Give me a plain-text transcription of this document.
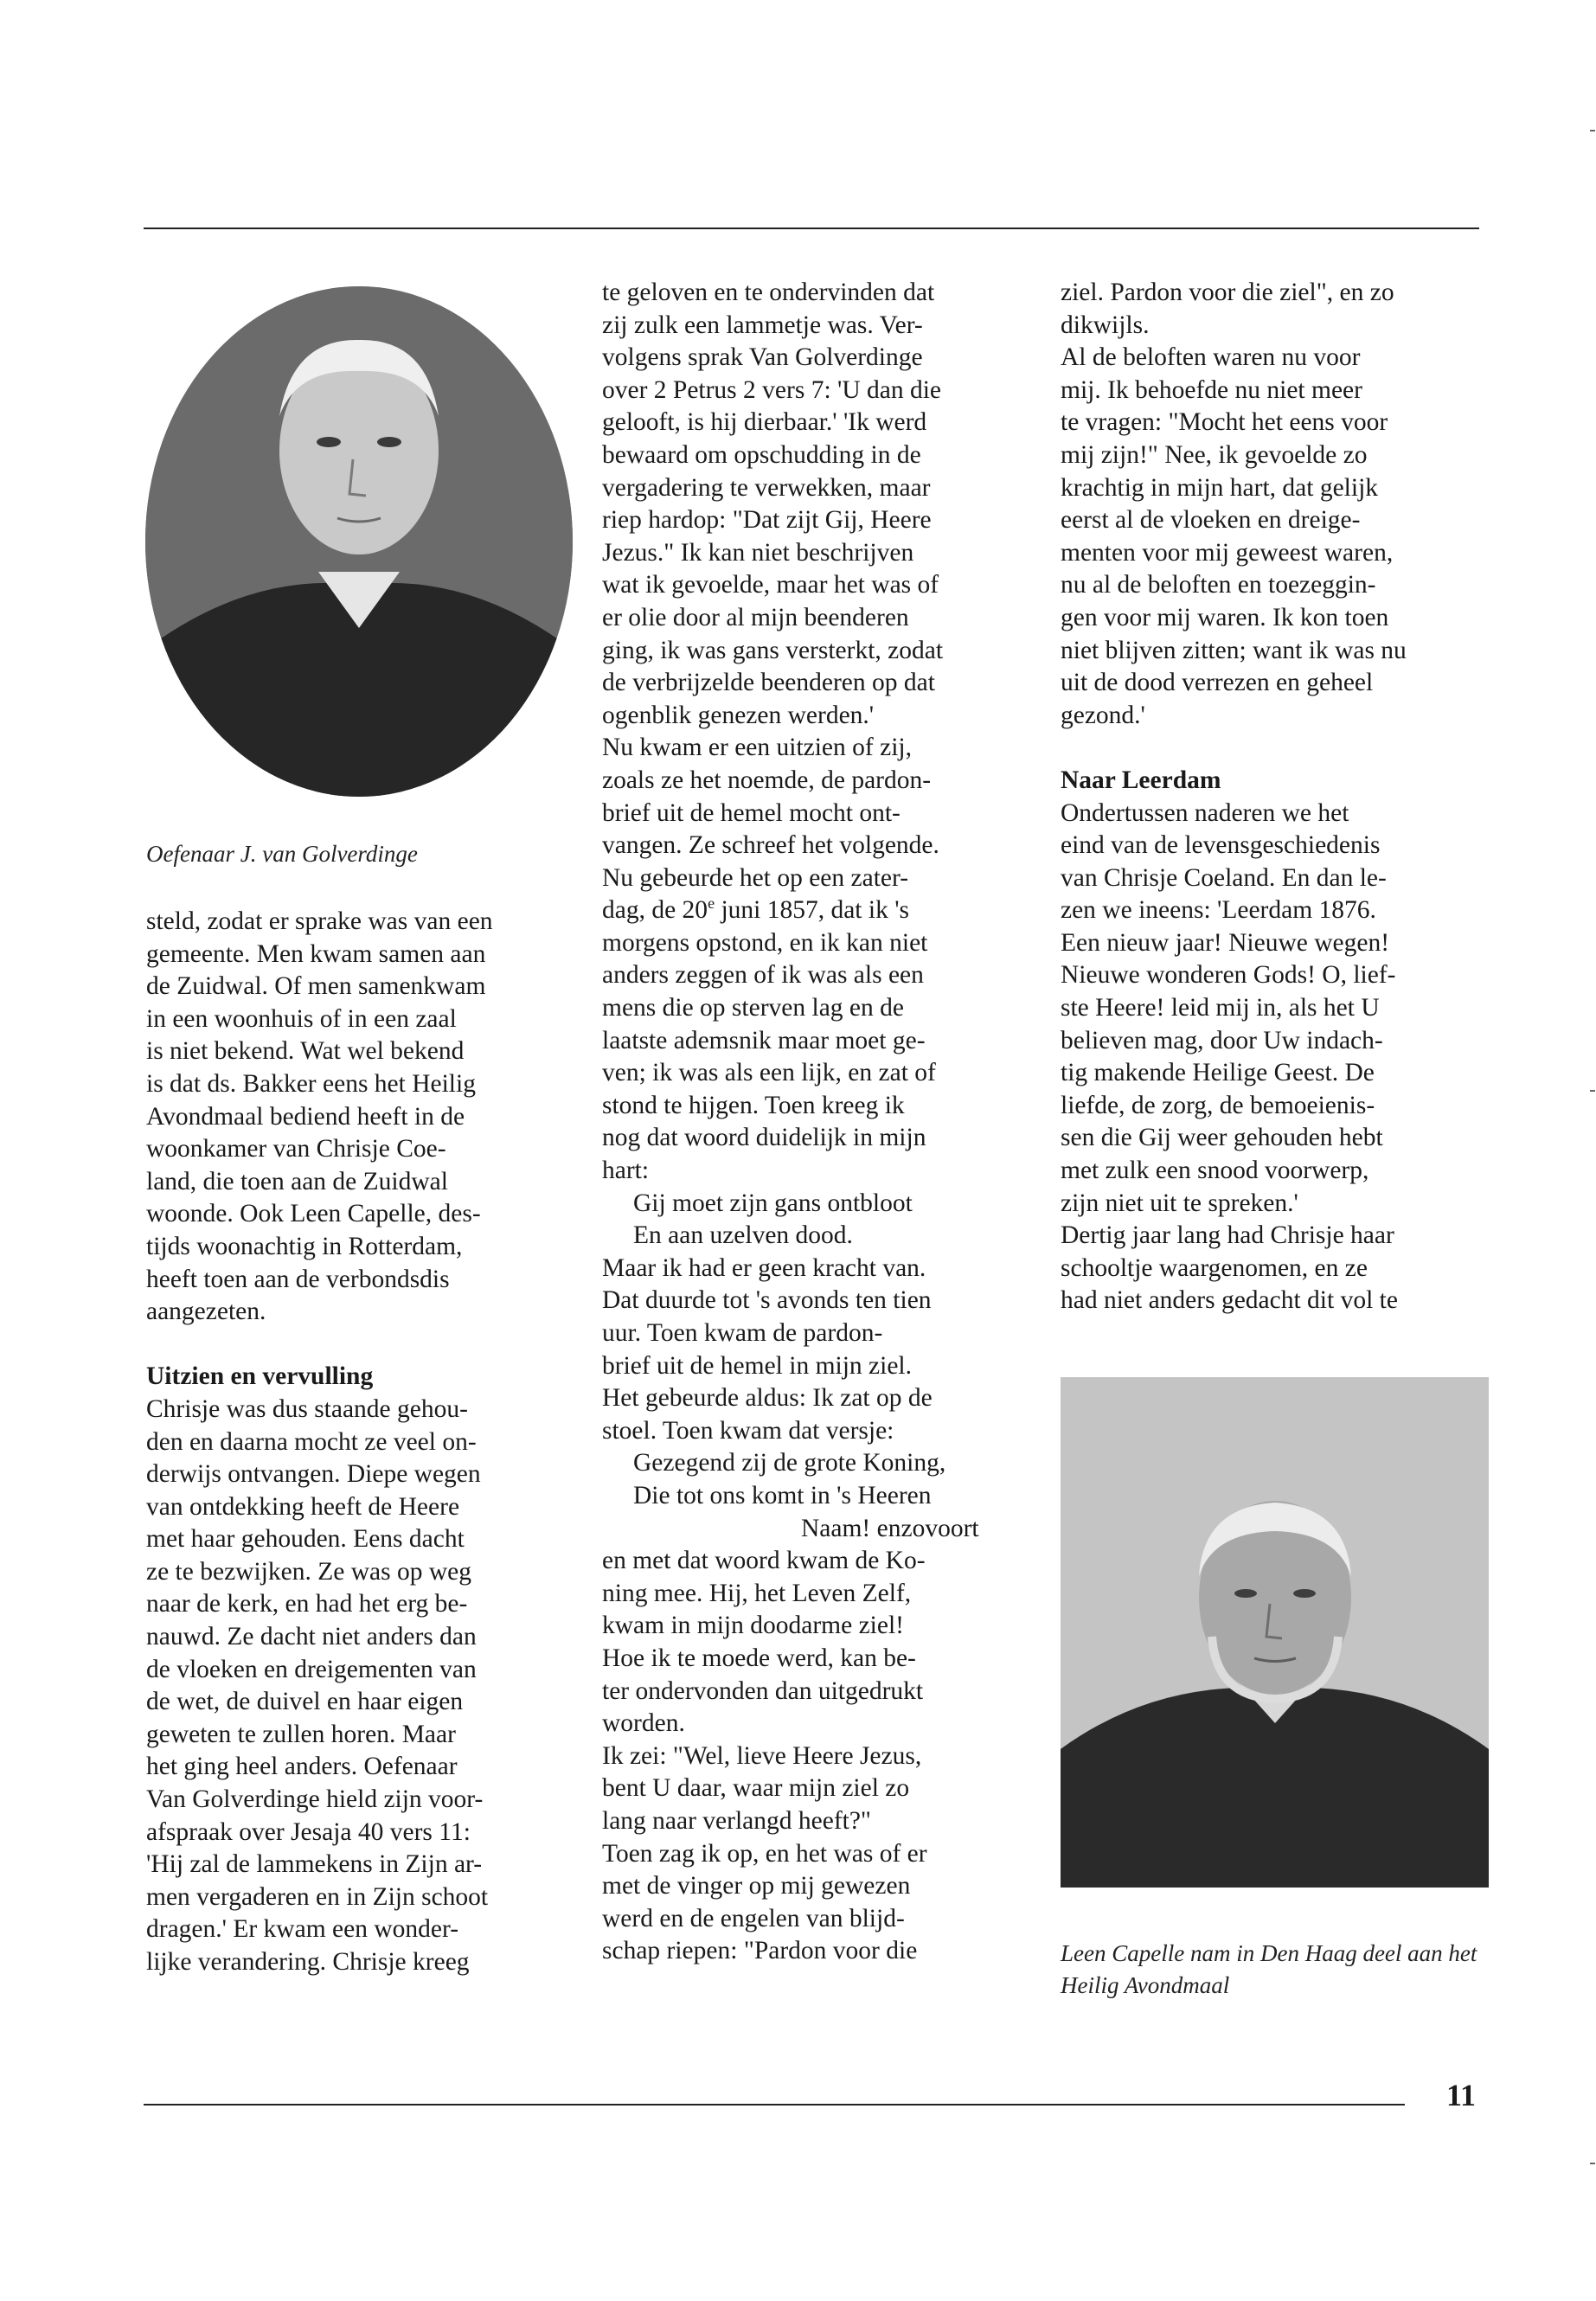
Oefenaar J. van Golverdinge

steld, zodat er sprake was van een

gemeente. Men kwam samen aan

de Zuidwal. Of men samenkwam

in een woonhuis of in een zaal

is niet bekend. Wat wel bekend

is dat ds. Bakker eens het Heilig

Avondmaal bediend heeft in de

woonkamer van Chrisje Coe-

land, die toen aan de Zuidwal

woonde. Ook Leen Capelle, des-

tijds woonachtig in Rotterdam,

heeft toen aan de verbondsdis

aangezeten.

Uitzien en vervulling

Chrisje was dus staande gehou-

den en daarna mocht ze veel on-

derwijs ontvangen. Diepe wegen

van ontdekking heeft de Heere

met haar gehouden. Eens dacht

ze te bezwijken. Ze was op weg

naar de kerk, en had het erg be-

nauwd. Ze dacht niet anders dan

de vloeken en dreigementen van

de wet, de duivel en haar eigen

geweten te zullen horen. Maar

het ging heel anders. Oefenaar

Van Golverdinge hield zijn voor-

afspraak over Jesaja 40 vers 11:

'Hij zal de lammekens in Zijn ar-

men vergaderen en in Zijn schoot

dragen.' Er kwam een wonder-

lijke verandering. Chrisje kreeg

te geloven en te ondervinden dat

zij zulk een lammetje was. Ver-

volgens sprak Van Golverdinge

over 2 Petrus 2 vers 7: 'U dan die

gelooft, is hij dierbaar.' 'Ik werd

bewaard om opschudding in de

vergadering te verwekken, maar

riep hardop: "Dat zijt Gij, Heere

Jezus." Ik kan niet beschrijven

wat ik gevoelde, maar het was of

er olie door al mijn beenderen

ging, ik was gans versterkt, zodat

de verbrijzelde beenderen op dat

ogenblik genezen werden.'

Nu kwam er een uitzien of zij,

zoals ze het noemde, de pardon-

brief uit de hemel mocht ont-

vangen. Ze schreef het volgende.

Nu gebeurde het op een zater-

dag, de 20e juni 1857, dat ik 's

morgens opstond, en ik kan niet

anders zeggen of ik was als een

mens die op sterven lag en de

laatste ademsnik maar moet ge-

ven; ik was als een lijk, en zat of

stond te hijgen. Toen kreeg ik

nog dat woord duidelijk in mijn

hart:

Gij moet zijn gans ontbloot

En aan uzelven dood.

Maar ik had er geen kracht van.

Dat duurde tot 's avonds ten tien

uur. Toen kwam de pardon-

brief uit de hemel in mijn ziel.

Het gebeurde aldus: Ik zat op de

stoel. Toen kwam dat versje:

Gezegend zij de grote Koning,

Die tot ons komt in 's Heeren

Naam! enzovoort

en met dat woord kwam de Ko-

ning mee. Hij, het Leven Zelf,

kwam in mijn doodarme ziel!

Hoe ik te moede werd, kan be-

ter ondervonden dan uitgedrukt

worden.

Ik zei: "Wel, lieve Heere Jezus,

bent U daar, waar mijn ziel zo

lang naar verlangd heeft?"

Toen zag ik op, en het was of er

met de vinger op mij gewezen

werd en de engelen van blijd-

schap riepen: "Pardon voor die

ziel. Pardon voor die ziel", en zo

dikwijls.

Al de beloften waren nu voor

mij. Ik behoefde nu niet meer

te vragen: "Mocht het eens voor

mij zijn!" Nee, ik gevoelde zo

krachtig in mijn hart, dat gelijk

eerst al de vloeken en dreige-

menten voor mij geweest waren,

nu al de beloften en toezeggin-

gen voor mij waren. Ik kon toen

niet blijven zitten; want ik was nu

uit de dood verrezen en geheel

gezond.'

Naar Leerdam

Ondertussen naderen we het

eind van de levensgeschiedenis

van Chrisje Coeland. En dan le-

zen we ineens: 'Leerdam 1876.

Een nieuw jaar! Nieuwe wegen!

Nieuwe wonderen Gods! O, lief-

ste Heere! leid mij in, als het U

believen mag, door Uw indach-

tig makende Heilige Geest. De

liefde, de zorg, de bemoeienis-

sen die Gij weer gehouden hebt

met zulk een snood voorwerp,

zijn niet uit te spreken.'

Dertig jaar lang had Chrisje haar

schooltje waargenomen, en ze

had niet anders gedacht dit vol te

Leen Capelle nam in Den Haag deel aan het Heilig Avondmaal
11
